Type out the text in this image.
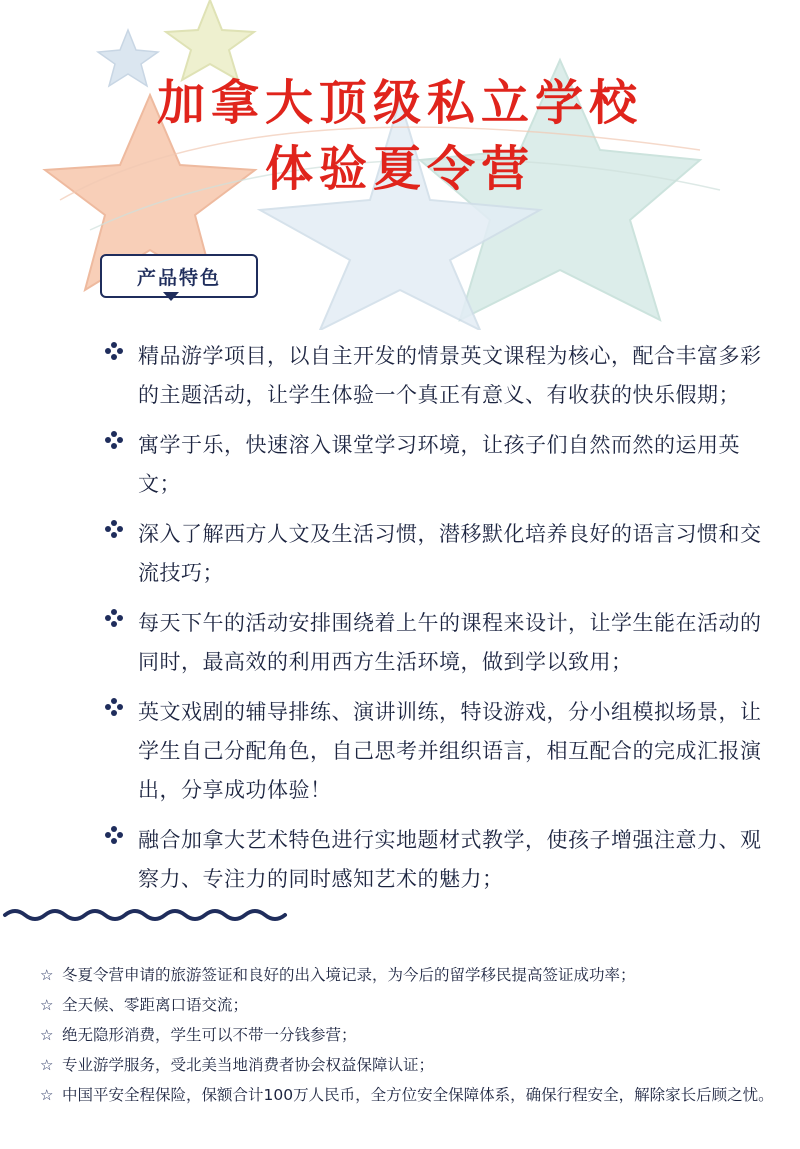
加拿大顶级私立学校
体验夏令营
产品特色
精品游学项目，以自主开发的情景英文课程为核心，配合丰富多彩的主题活动，让学生体验一个真正有意义、有收获的快乐假期；
寓学于乐，快速溶入课堂学习环境，让孩子们自然而然的运用英文；
深入了解西方人文及生活习惯，潜移默化培养良好的语言习惯和交流技巧；
每天下午的活动安排围绕着上午的课程来设计，让学生能在活动的同时，最高效的利用西方生活环境，做到学以致用；
英文戏剧的辅导排练、演讲训练，特设游戏，分小组模拟场景，让学生自己分配角色，自己思考并组织语言，相互配合的完成汇报演出，分享成功体验！
融合加拿大艺术特色进行实地题材式教学，使孩子增强注意力、观察力、专注力的同时感知艺术的魅力；
☆ 冬夏令营申请的旅游签证和良好的出入境记录，为今后的留学移民提高签证成功率；
☆ 全天候、零距离口语交流；
☆ 绝无隐形消费，学生可以不带一分钱参营；
☆ 专业游学服务，受北美当地消费者协会权益保障认证；
☆ 中国平安全程保险，保额合计100万人民币，全方位安全保障体系，确保行程安全，解除家长后顾之忧。
